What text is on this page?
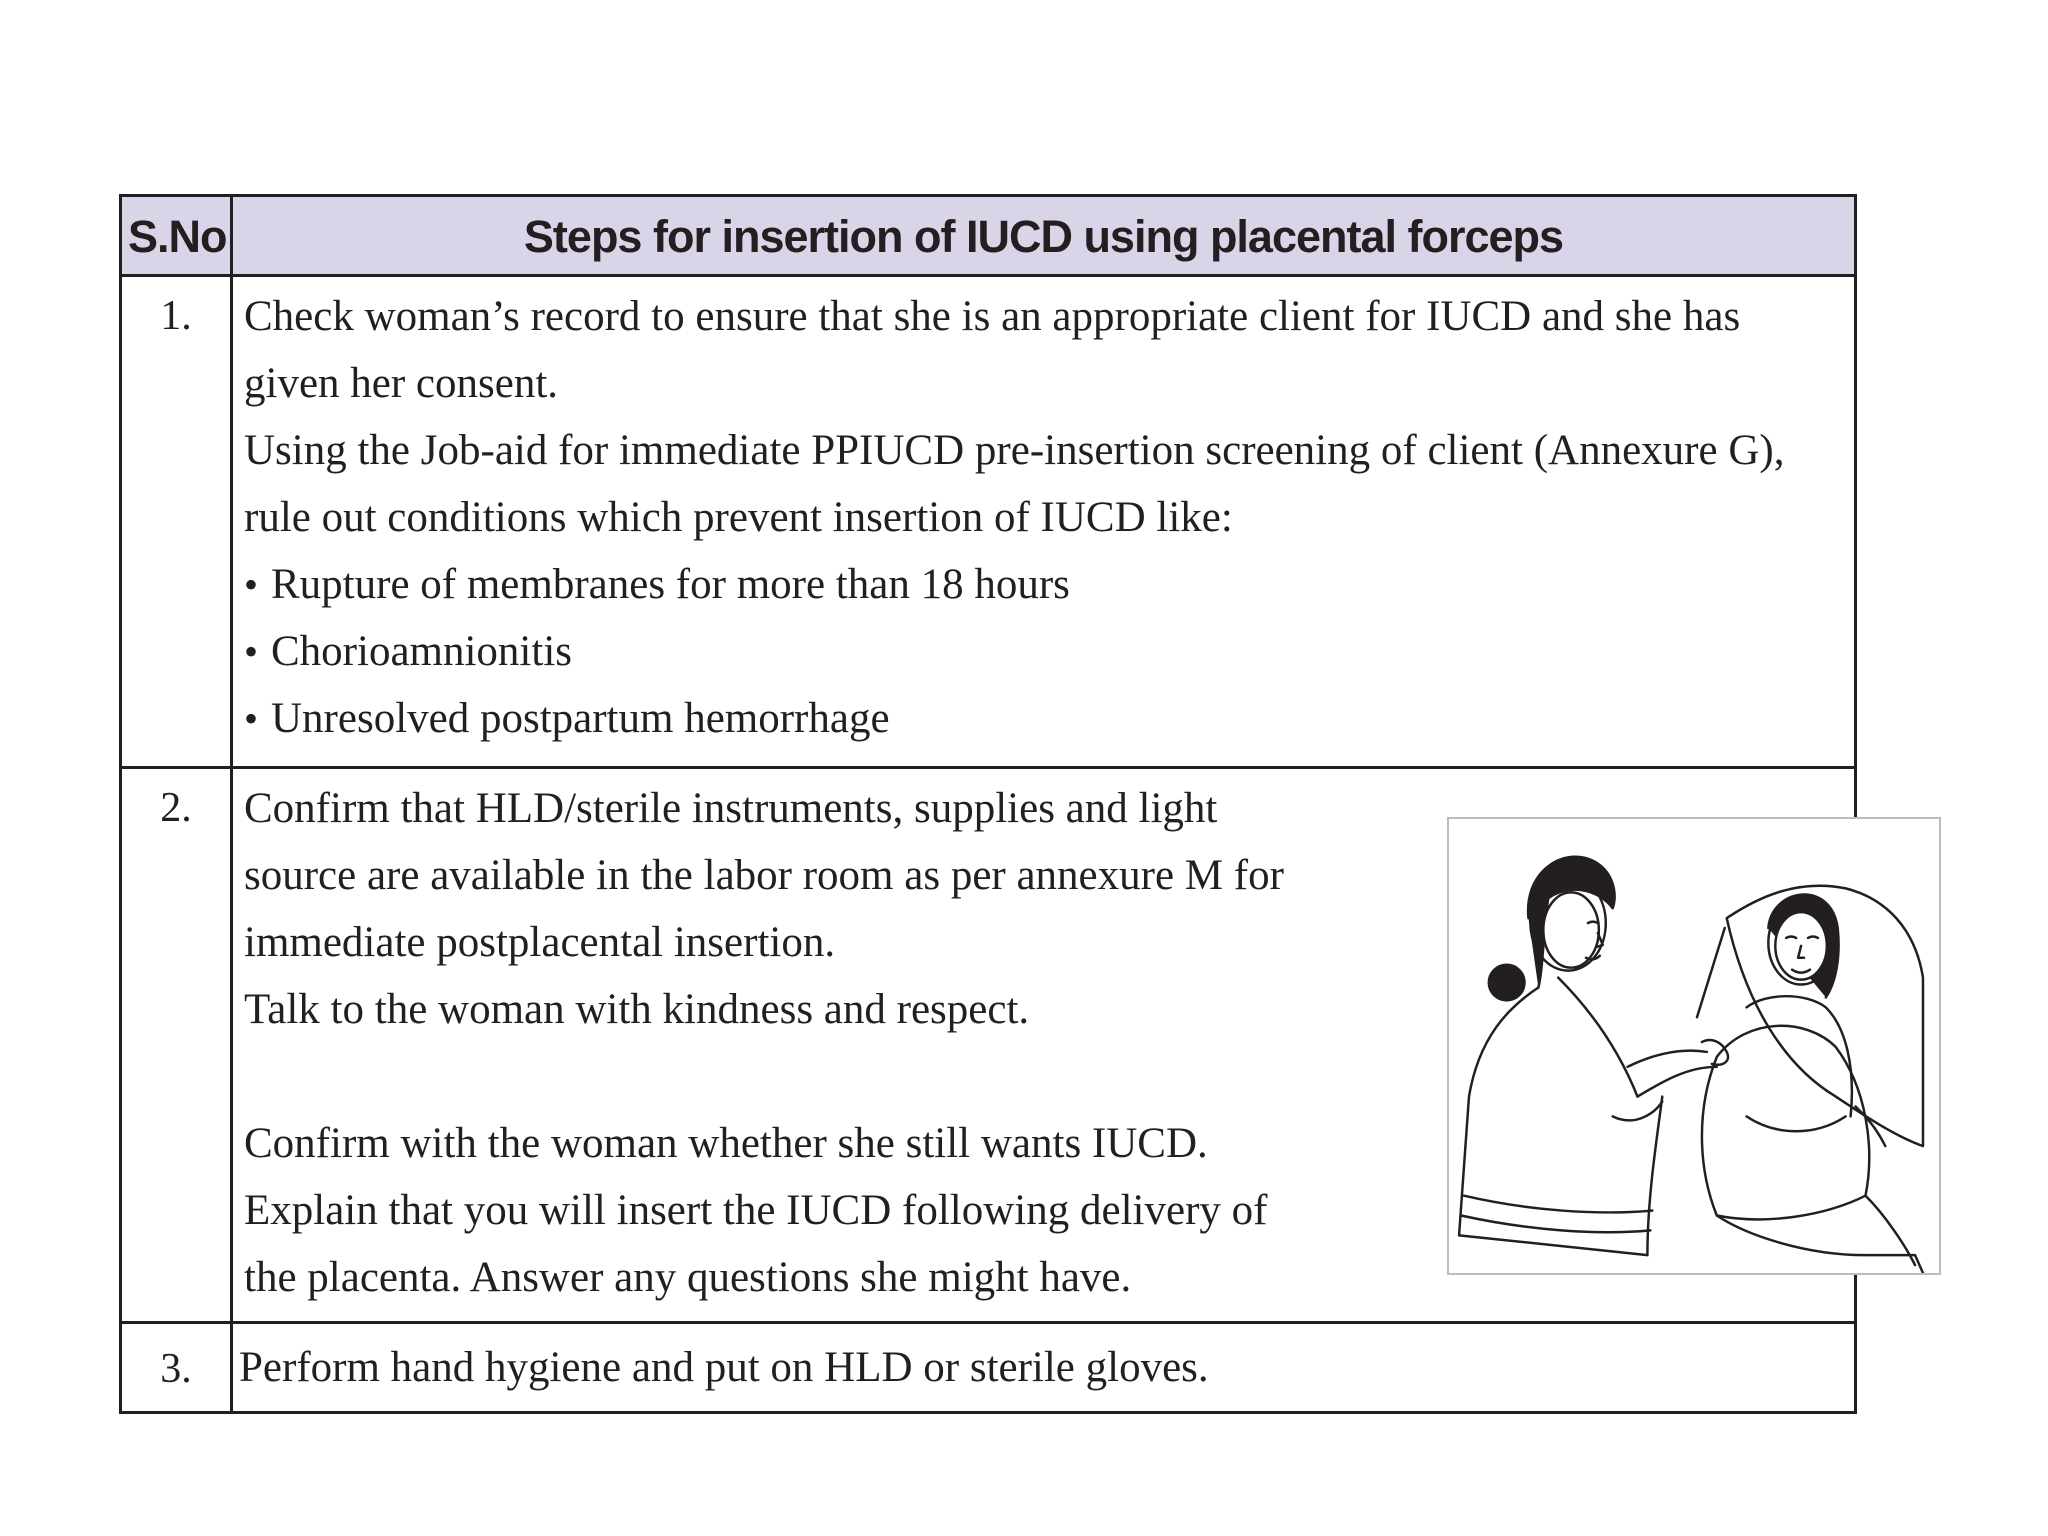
S.No	Steps for insertion of IUCD using placental forceps
1.	Check woman’s record to ensure that she is an appropriate client for IUCD and she has given her consent.

Using the Job-aid for immediate PPIUCD pre-insertion screening of client (Annexure G), rule out conditions which prevent insertion of IUCD like:

• Rupture of membranes for more than 18 hours
• Chorioamnionitis
• Unresolved postpartum hemorrhage
2.	Confirm that HLD/sterile instruments, supplies and light source are available in the labor room as per annexure M for immediate postplacental insertion.

Talk to the woman with kindness and respect.

Confirm with the woman whether she still wants IUCD.

Explain that you will insert the IUCD following delivery of the placenta. Answer any questions she might have.

3.	Perform hand hygiene and put on HLD or sterile gloves.
